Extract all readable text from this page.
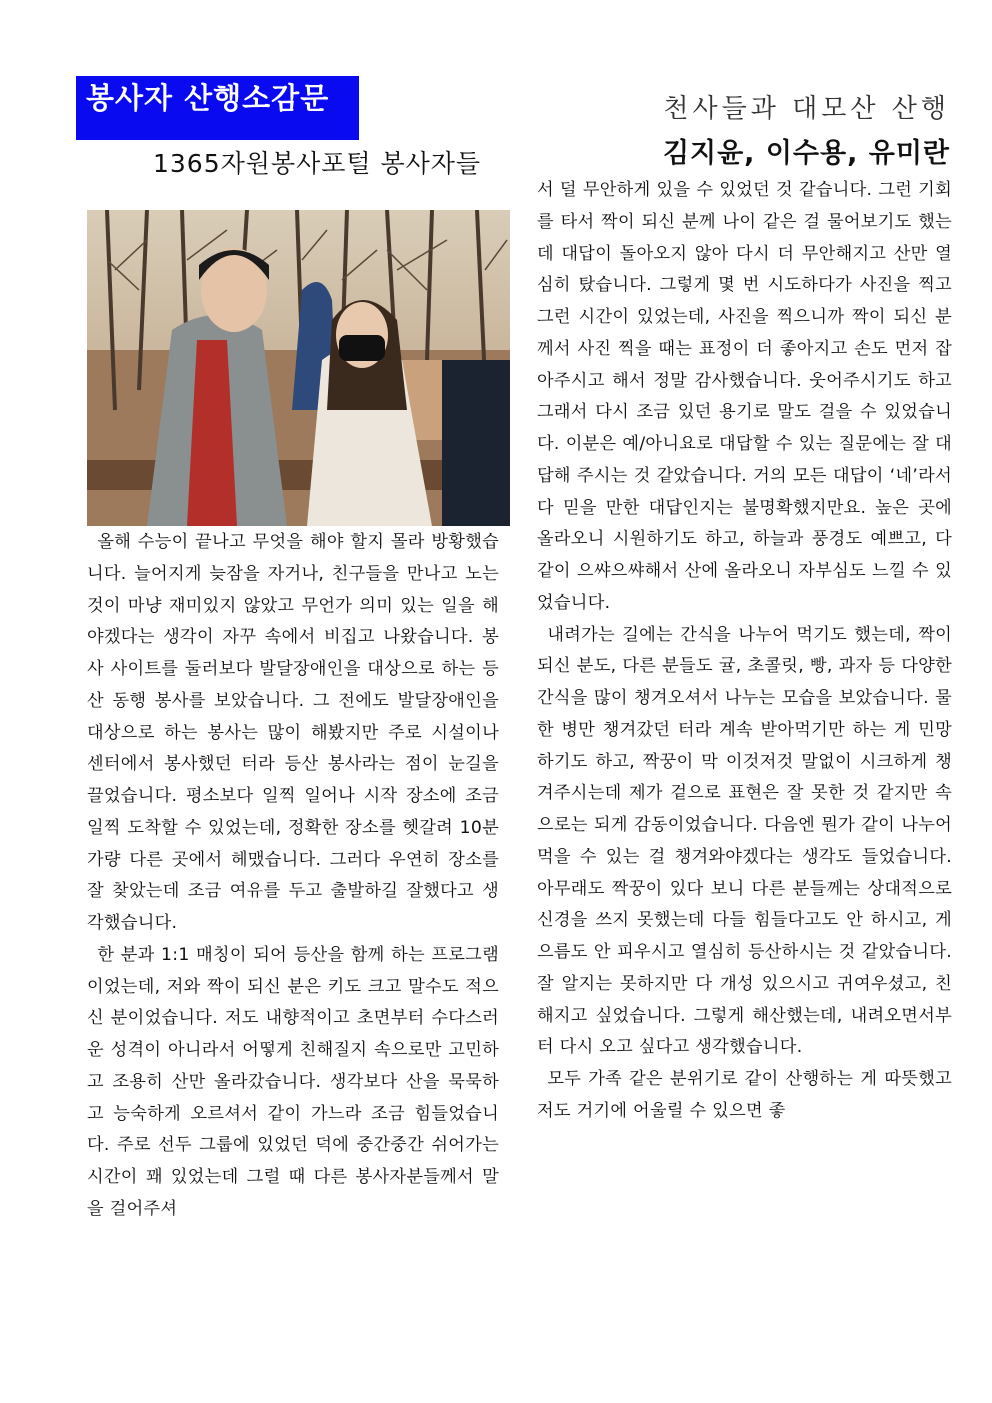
봉사자 산행소감문
1365자원봉사포털 봉사자들
천사들과 대모산 산행
김지윤, 이수용, 유미란

올해 수능이 끝나고 무엇을 해야 할지 몰라 방황했습니다. 늘어지게 늦잠을 자거나, 친구들을 만나고 노는 것이 마냥 재미있지 않았고 무언가 의미 있는 일을 해야겠다는 생각이 자꾸 속에서 비집고 나왔습니다. 봉사 사이트를 둘러보다 발달장애인을 대상으로 하는 등산 동행 봉사를 보았습니다. 그 전에도 발달장애인을 대상으로 하는 봉사는 많이 해봤지만 주로 시설이나 센터에서 봉사했던 터라 등산 봉사라는 점이 눈길을 끌었습니다. 평소보다 일찍 일어나 시작 장소에 조금 일찍 도착할 수 있었는데, 정확한 장소를 헷갈려 10분 가량 다른 곳에서 헤맸습니다. 그러다 우연히 장소를 잘 찾았는데 조금 여유를 두고 출발하길 잘했다고 생각했습니다.

한 분과 1:1 매칭이 되어 등산을 함께 하는 프로그램이었는데, 저와 짝이 되신 분은 키도 크고 말수도 적으신 분이었습니다. 저도 내향적이고 초면부터 수다스러운 성격이 아니라서 어떻게 친해질지 속으로만 고민하고 조용히 산만 올라갔습니다. 생각보다 산을 묵묵하고 능숙하게 오르셔서 같이 가느라 조금 힘들었습니다. 주로 선두 그룹에 있었던 덕에 중간중간 쉬어가는 시간이 꽤 있었는데 그럴 때 다른 봉사자분들께서 말을 걸어주셔

서 덜 무안하게 있을 수 있었던 것 같습니다. 그런 기회를 타서 짝이 되신 분께 나이 같은 걸 물어보기도 했는데 대답이 돌아오지 않아 다시 더 무안해지고 산만 열심히 탔습니다. 그렇게 몇 번 시도하다가 사진을 찍고 그런 시간이 있었는데, 사진을 찍으니까 짝이 되신 분께서 사진 찍을 때는 표정이 더 좋아지고 손도 먼저 잡아주시고 해서 정말 감사했습니다. 웃어주시기도 하고 그래서 다시 조금 있던 용기로 말도 걸을 수 있었습니다. 이분은 예/아니요로 대답할 수 있는 질문에는 잘 대답해 주시는 것 같았습니다. 거의 모든 대답이 ‘네’라서 다 믿을 만한 대답인지는 불명확했지만요. 높은 곳에 올라오니 시원하기도 하고, 하늘과 풍경도 예쁘고, 다 같이 으쌰으쌰해서 산에 올라오니 자부심도 느낄 수 있었습니다.

내려가는 길에는 간식을 나누어 먹기도 했는데, 짝이 되신 분도, 다른 분들도 귤, 초콜릿, 빵, 과자 등 다양한 간식을 많이 챙겨오셔서 나누는 모습을 보았습니다. 물 한 병만 챙겨갔던 터라 계속 받아먹기만 하는 게 민망하기도 하고, 짝꿍이 막 이것저것 말없이 시크하게 챙겨주시는데 제가 겉으로 표현은 잘 못한 것 같지만 속으로는 되게 감동이었습니다. 다음엔 뭔가 같이 나누어 먹을 수 있는 걸 챙겨와야겠다는 생각도 들었습니다. 아무래도 짝꿍이 있다 보니 다른 분들께는 상대적으로 신경을 쓰지 못했는데 다들 힘들다고도 안 하시고, 게으름도 안 피우시고 열심히 등산하시는 것 같았습니다. 잘 알지는 못하지만 다 개성 있으시고 귀여우셨고, 친해지고 싶었습니다. 그렇게 해산했는데, 내려오면서부터 다시 오고 싶다고 생각했습니다.

모두 가족 같은 분위기로 같이 산행하는 게 따뜻했고 저도 거기에 어울릴 수 있으면 좋
